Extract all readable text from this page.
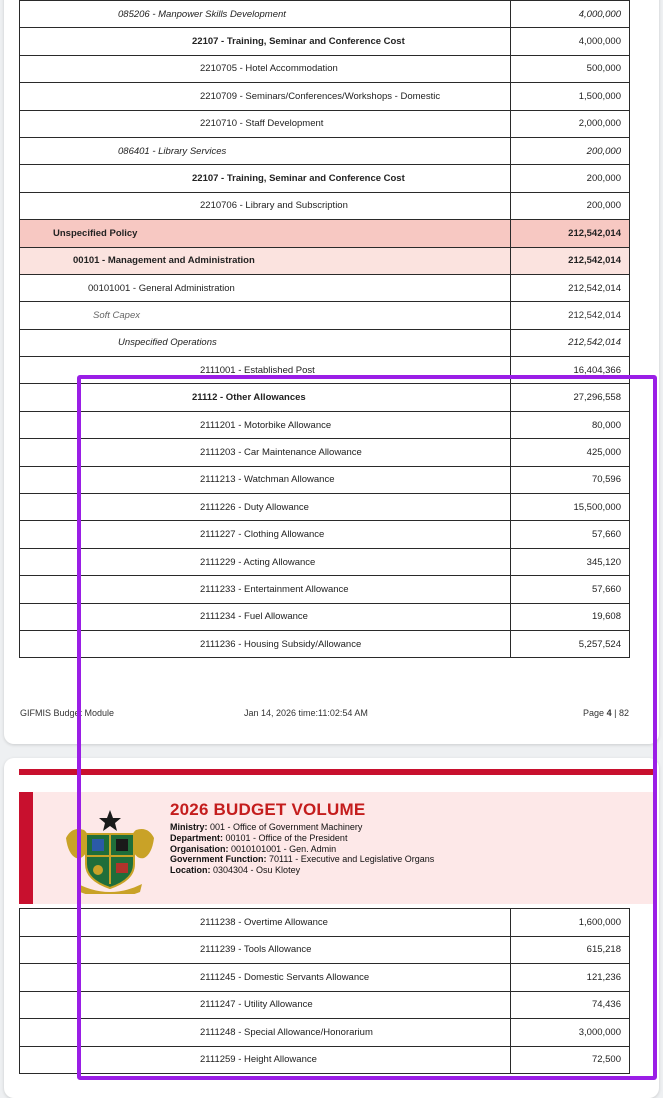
085206 - Manpower Skills Development	4,000,000
22107 - Training, Seminar and Conference Cost	4,000,000
2210705 - Hotel Accommodation	500,000
2210709 - Seminars/Conferences/Workshops - Domestic	1,500,000
2210710 - Staff Development	2,000,000
086401 - Library Services	200,000
22107 - Training, Seminar and Conference Cost	200,000
2210706 - Library and Subscription	200,000
Unspecified Policy	212,542,014
00101 - Management and Administration	212,542,014
00101001 - General Administration	212,542,014
Soft Capex	212,542,014
Unspecified Operations	212,542,014
2111001 - Established Post	16,404,366
21112 - Other Allowances	27,296,558
2111201 - Motorbike Allowance	80,000
2111203 - Car Maintenance Allowance	425,000
2111213 - Watchman Allowance	70,596
2111226 - Duty Allowance	15,500,000
2111227 - Clothing Allowance	57,660
2111229 - Acting Allowance	345,120
2111233 - Entertainment Allowance	57,660
2111234 - Fuel Allowance	19,608
2111236 - Housing Subsidy/Allowance	5,257,524
GIFMIS Budget Module	Jan 14, 2026 time:11:02:54 AM	Page 4 | 82
2026 BUDGET VOLUME
Ministry: 001 - Office of Government Machinery
Department: 00101 - Office of the President
Organisation: 0010101001 - Gen. Admin
Government Function: 70111 - Executive and Legislative Organs
Location: 0304304 - Osu Klotey
2111238 - Overtime Allowance	1,600,000
2111239 - Tools Allowance	615,218
2111245 - Domestic Servants Allowance	121,236
2111247 - Utility Allowance	74,436
2111248 - Special Allowance/Honorarium	3,000,000
2111259 - Height Allowance	72,500
